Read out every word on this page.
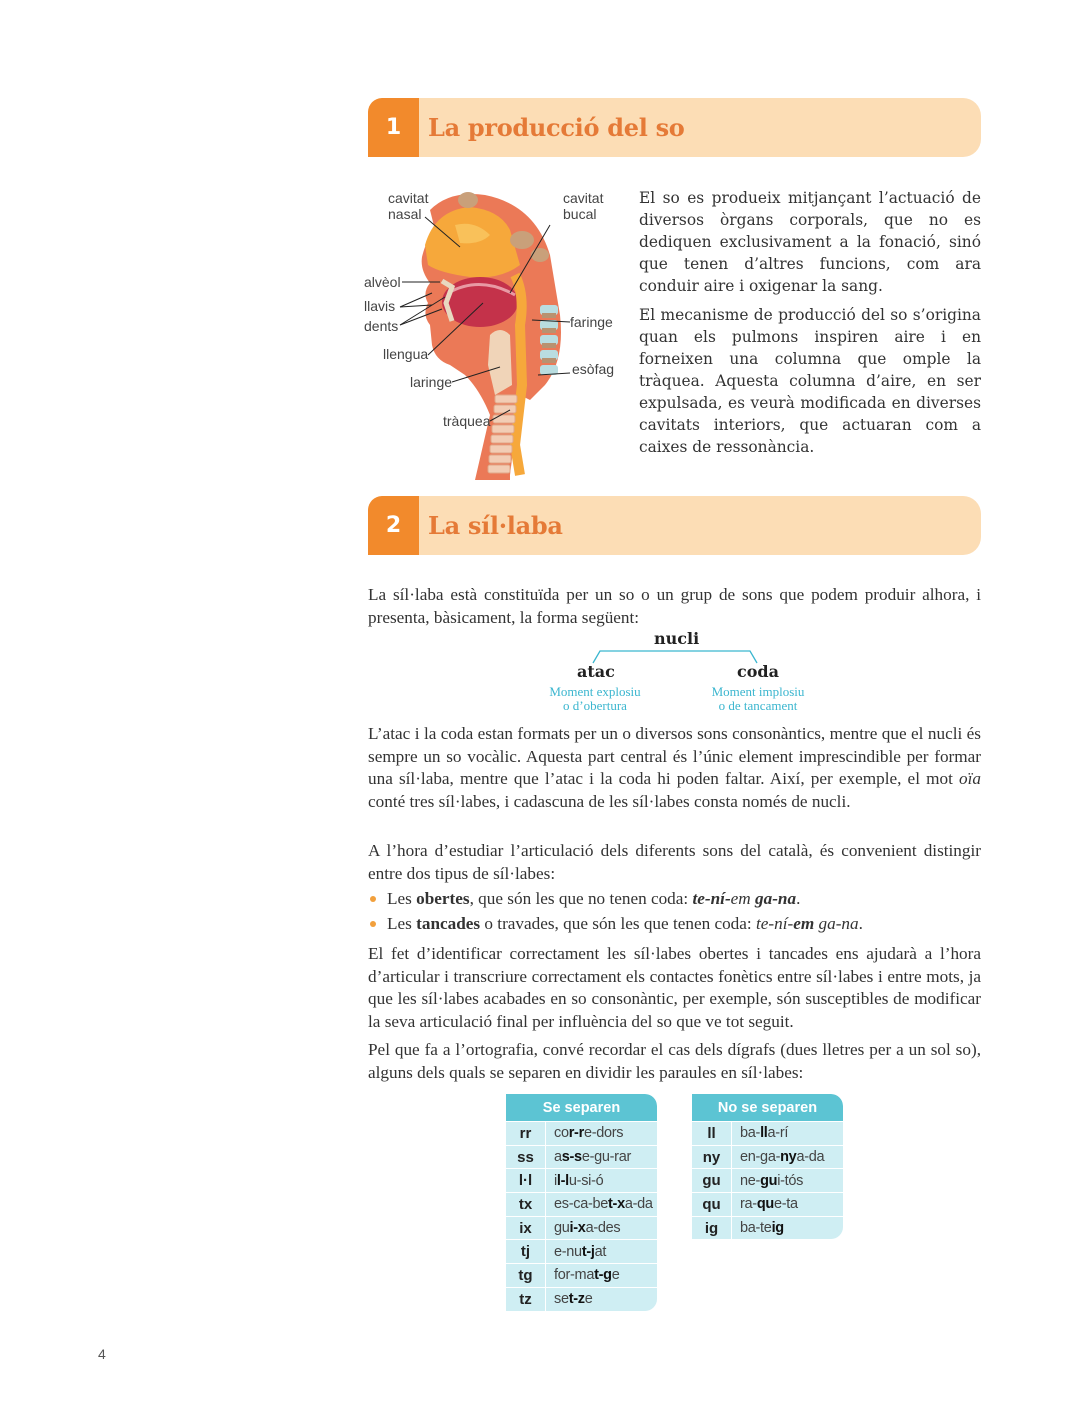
1	La producció del so
cavitat
nasal
cavitat
bucal
alvèol
llavis
dents
llengua
laringe
tràquea
faringe
esòfag

El so es produeix mitjançant l’actuació de diversos òrgans corporals, que no es dediquen exclusivament a la fonació, sinó que tenen d’altres funcions, com ara conduir aire i oxigenar la sang.

El mecanisme de producció del so s’origina quan els pulmons inspiren aire i en forneixen una columna que omple la tràquea. Aquesta columna d’aire, en ser expulsada, es veurà modificada en diverses cavitats interiors, que actuaran com a caixes de ressonància.

2	La síl·laba

La síl·laba està constituïda per un so o un grup de sons que podem produir alhora, i presenta, bàsicament, la forma següent:

nucli
atac	coda
Moment explosiu
o d’obertura
Moment implosiu
o de tancament

L’atac i la coda estan formats per un o diversos sons consonàntics, mentre que el nucli és sempre un so vocàlic. Aquesta part central és l’únic element imprescindible per formar una síl·laba, mentre que l’atac i la coda hi poden faltar. Així, per exemple, el mot oïa conté tres síl·labes, i cadascuna de les síl·labes consta només de nucli.

A l’hora d’estudiar l’articulació dels diferents sons del català, és convenient distingir entre dos tipus de síl·labes:

Les obertes, que són les que no tenen coda: te-ní-em ga-na.
Les tancades o travades, que són les que tenen coda: te-ní-em ga-na.

El fet d’identificar correctament les síl·labes obertes i tancades ens ajudarà a l’hora d’articular i transcriure correctament els contactes fonètics entre síl·labes i entre mots, ja que les síl·labes acabades en so consonàntic, per exemple, són susceptibles de modificar la seva articulació final per influència del so que ve tot seguit.

Pel que fa a l’ortografia, convé recordar el cas dels dígrafs (dues lletres per a un sol so), alguns dels quals se separen en dividir les paraules en síl·labes:

Se separen
rr	cor-re-dors
ss	as-se-gu-rar
l·l	il-lu-si-ó
tx	es-ca-bet-xa-da
ix	gui-xa-des
tj	e-nut-jat
tg	for-mat-ge
tz	set-ze
No se separen
ll	ba-lla-rí
ny	en-ga-nya-da
gu	ne-gui-tós
qu	ra-que-ta
ig	ba-teig
4
